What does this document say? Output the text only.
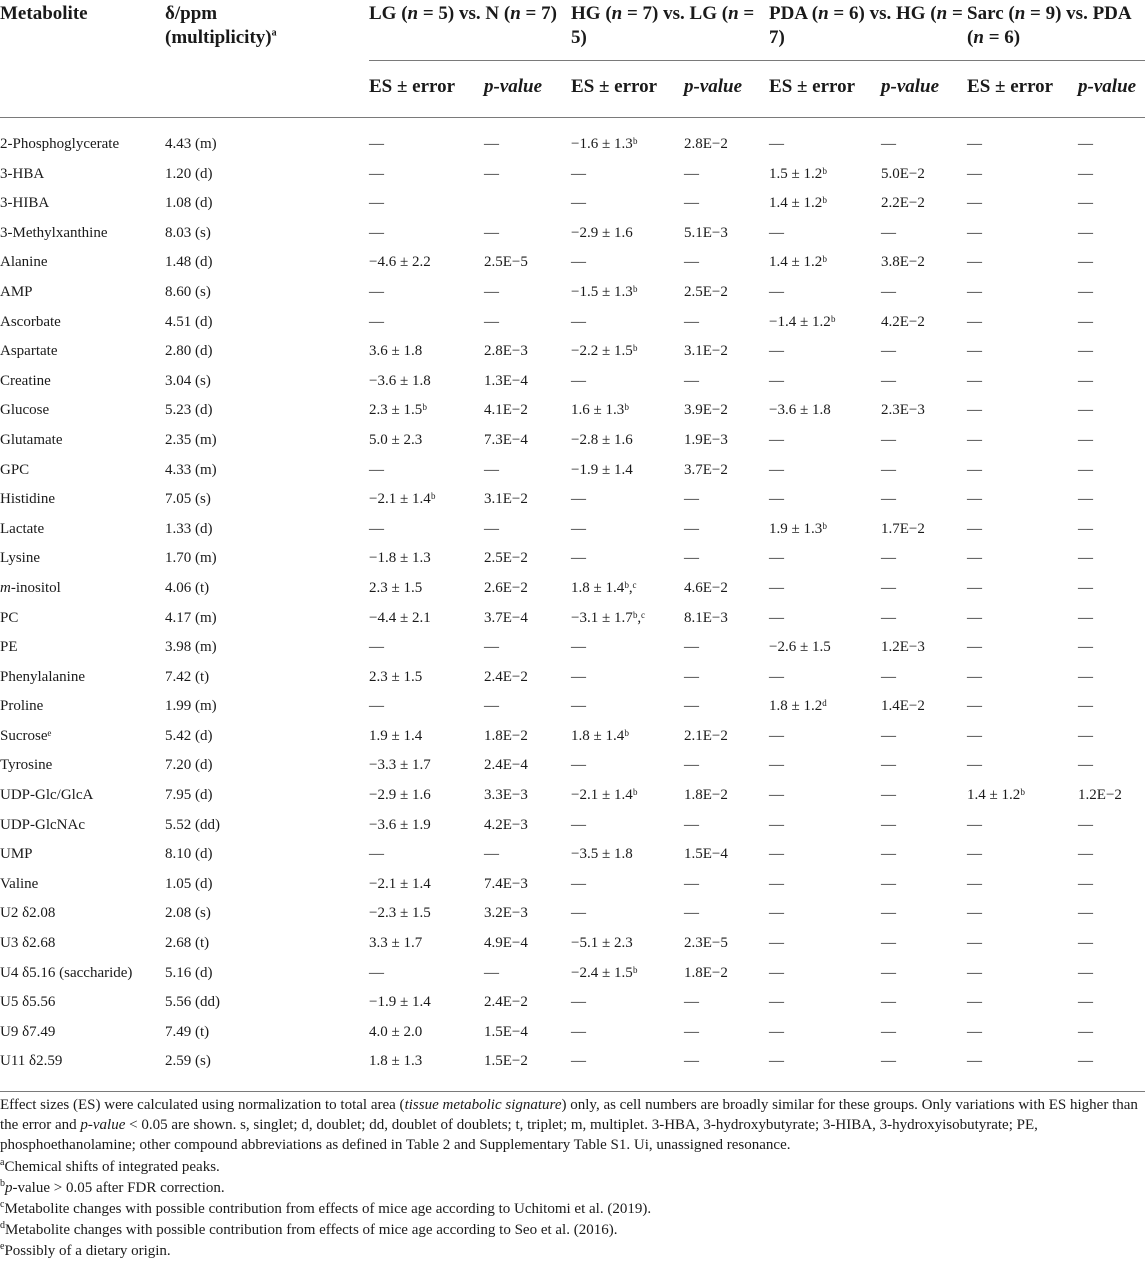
Metabolite	δ/ppm
(multiplicity)$^a$	LG (n = 5) vs. N (n = 7)		HG (n = 7) vs. LG (n = 5)		PDA (n = 6) vs. HG (n = 7)		Sarc (n = 9) vs. PDA (n = 6)	
		ES ± error	p-value	ES ± error	p-value	ES ± error	p-value	ES ± error	p-value
2-Phosphoglycerate	4.43 (m)	—	—	−1.6 ± 1.3ᵇ	2.8E−2	—	—	—	—
3-HBA	1.20 (d)	—	—	—	—	1.5 ± 1.2ᵇ	5.0E−2	—	—
3-HIBA	1.08 (d)	—		—	—	1.4 ± 1.2ᵇ	2.2E−2	—	—
3-Methylxanthine	8.03 (s)	—	—	−2.9 ± 1.6	5.1E−3	—	—	—	—
Alanine	1.48 (d)	−4.6 ± 2.2	2.5E−5	—	—	1.4 ± 1.2ᵇ	3.8E−2	—	—
AMP	8.60 (s)	—	—	−1.5 ± 1.3ᵇ	2.5E−2	—	—	—	—
Ascorbate	4.51 (d)	—	—	—	—	−1.4 ± 1.2ᵇ	4.2E−2	—	—
Aspartate	2.80 (d)	3.6 ± 1.8	2.8E−3	−2.2 ± 1.5ᵇ	3.1E−2	—	—	—	—
Creatine	3.04 (s)	−3.6 ± 1.8	1.3E−4	—	—	—	—	—	—
Glucose	5.23 (d)	2.3 ± 1.5ᵇ	4.1E−2	1.6 ± 1.3ᵇ	3.9E−2	−3.6 ± 1.8	2.3E−3	—	—
Glutamate	2.35 (m)	5.0 ± 2.3	7.3E−4	−2.8 ± 1.6	1.9E−3	—	—	—	—
GPC	4.33 (m)	—	—	−1.9 ± 1.4	3.7E−2	—	—	—	—
Histidine	7.05 (s)	−2.1 ± 1.4ᵇ	3.1E−2	—	—	—	—	—	—
Lactate	1.33 (d)	—	—	—	—	1.9 ± 1.3ᵇ	1.7E−2	—	—
Lysine	1.70 (m)	−1.8 ± 1.3	2.5E−2	—	—	—	—	—	—
m-inositol	4.06 (t)	2.3 ± 1.5	2.6E−2	1.8 ± 1.4ᵇ,ᶜ	4.6E−2	—	—	—	—
PC	4.17 (m)	−4.4 ± 2.1	3.7E−4	−3.1 ± 1.7ᵇ,ᶜ	8.1E−3	—	—	—	—
PE	3.98 (m)	—	—	—	—	−2.6 ± 1.5	1.2E−3	—	—
Phenylalanine	7.42 (t)	2.3 ± 1.5	2.4E−2	—	—	—	—	—	—
Proline	1.99 (m)	—	—	—	—	1.8 ± 1.2ᵈ	1.4E−2	—	—
Sucroseᵉ	5.42 (d)	1.9 ± 1.4	1.8E−2	1.8 ± 1.4ᵇ	2.1E−2	—	—	—	—
Tyrosine	7.20 (d)	−3.3 ± 1.7	2.4E−4	—	—	—	—	—	—
UDP-Glc/GlcA	7.95 (d)	−2.9 ± 1.6	3.3E−3	−2.1 ± 1.4ᵇ	1.8E−2	—	—	1.4 ± 1.2ᵇ	1.2E−2
UDP-GlcNAc	5.52 (dd)	−3.6 ± 1.9	4.2E−3	—	—	—	—	—	—
UMP	8.10 (d)	—	—	−3.5 ± 1.8	1.5E−4	—	—	—	—
Valine	1.05 (d)	−2.1 ± 1.4	7.4E−3	—	—	—	—	—	—
U2 δ2.08	2.08 (s)	−2.3 ± 1.5	3.2E−3	—	—	—	—	—	—
U3 δ2.68	2.68 (t)	3.3 ± 1.7	4.9E−4	−5.1 ± 2.3	2.3E−5	—	—	—	—
U4 δ5.16 (saccharide)	5.16 (d)	—	—	−2.4 ± 1.5ᵇ	1.8E−2	—	—	—	—
U5 δ5.56	5.56 (dd)	−1.9 ± 1.4	2.4E−2	—	—	—	—	—	—
U9 δ7.49	7.49 (t)	4.0 ± 2.0	1.5E−4	—	—	—	—	—	—
U11 δ2.59	2.59 (s)	1.8 ± 1.3	1.5E−2	—	—	—	—	—	—

Effect sizes (ES) were calculated using normalization to total area (tissue metabolic signature) only, as cell numbers are broadly similar for these groups. Only variations with ES higher than the error and p-value < 0.05 are shown. s, singlet; d, doublet; dd, doublet of doublets; t, triplet; m, multiplet. 3-HBA, 3-hydroxybutyrate; 3-HIBA, 3-hydroxyisobutyrate; PE, phosphoethanolamine; other compound abbreviations as defined in Table 2 and Supplementary Table S1. Ui, unassigned resonance.

$^a$Chemical shifts of integrated peaks.

$^b$p-value > 0.05 after FDR correction.

$^c$Metabolite changes with possible contribution from effects of mice age according to Uchitomi et al. (2019).

$^d$Metabolite changes with possible contribution from effects of mice age according to Seo et al. (2016).

$^e$Possibly of a dietary origin.
